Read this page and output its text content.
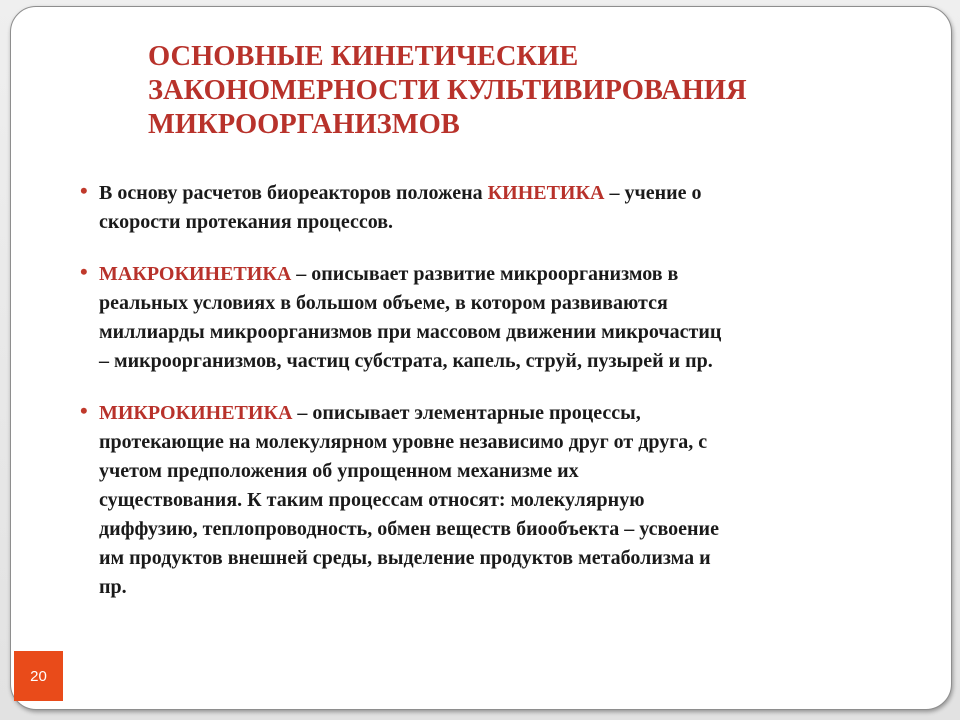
ОСНОВНЫЕ КИНЕТИЧЕСКИЕ
ЗАКОНОМЕРНОСТИ КУЛЬТИВИРОВАНИЯ
МИКРООРГАНИЗМОВ
• В основу расчетов биореакторов положена КИНЕТИКА – учение о
скорости протекания процессов.
• МАКРОКИНЕТИКА – описывает развитие микроорганизмов в
реальных условиях в большом объеме, в котором развиваются
миллиарды микроорганизмов при массовом движении микрочастиц
– микроорганизмов, частиц субстрата, капель, струй, пузырей и пр.
• МИКРОКИНЕТИКА – описывает элементарные процессы,
протекающие на молекулярном уровне независимо друг от друга, с
учетом предположения об упрощенном механизме их
существования. К таким процессам относят: молекулярную
диффузию, теплопроводность, обмен веществ биообъекта – усвоение
им продуктов внешней среды, выделение продуктов метаболизма и
пр.
20
